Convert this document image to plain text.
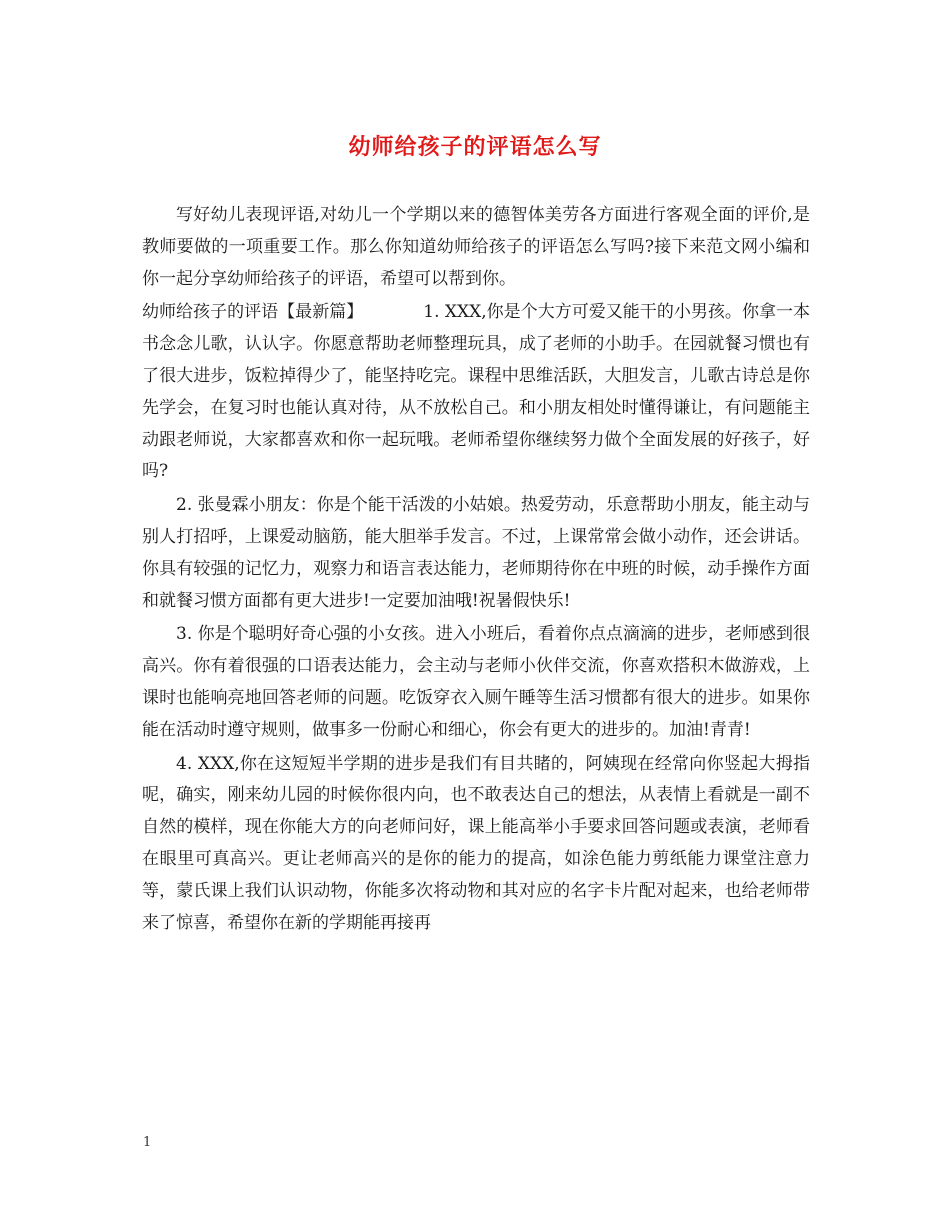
幼师给孩子的评语怎么写

写好幼儿表现评语,对幼儿一个学期以来的德智体美劳各方面进行客观全面的评价,是教师要做的一项重要工作。那么你知道幼师给孩子的评语怎么写吗?接下来范文网小编和你一起分享幼师给孩子的评语，希望可以帮到你。

幼师给孩子的评语【最新篇】	1. XXX,你是个大方可爱又能干的小男孩。你拿一本书念念儿歌，认认字。你愿意帮助老师整理玩具，成了老师的小助手。在园就餐习惯也有了很大进步，饭粒掉得少了，能坚持吃完。课程中思维活跃，大胆发言，儿歌古诗总是你先学会，在复习时也能认真对待，从不放松自己。和小朋友相处时懂得谦让，有问题能主动跟老师说，大家都喜欢和你一起玩哦。老师希望你继续努力做个全面发展的好孩子，好吗?

2. 张曼霖小朋友：你是个能干活泼的小姑娘。热爱劳动，乐意帮助小朋友，能主动与别人打招呼，上课爱动脑筋，能大胆举手发言。不过，上课常常会做小动作，还会讲话。你具有较强的记忆力，观察力和语言表达能力，老师期待你在中班的时候，动手操作方面和就餐习惯方面都有更大进步!一定要加油哦!祝暑假快乐!

3. 你是个聪明好奇心强的小女孩。进入小班后，看着你点点滴滴的进步，老师感到很高兴。你有着很强的口语表达能力，会主动与老师小伙伴交流，你喜欢搭积木做游戏，上课时也能响亮地回答老师的问题。吃饭穿衣入厕午睡等生活习惯都有很大的进步。如果你能在活动时遵守规则，做事多一份耐心和细心，你会有更大的进步的。加油!青青!

4. XXX,你在这短短半学期的进步是我们有目共睹的，阿姨现在经常向你竖起大拇指呢，确实，刚来幼儿园的时候你很内向，也不敢表达自己的想法，从表情上看就是一副不自然的模样，现在你能大方的向老师问好，课上能高举小手要求回答问题或表演，老师看在眼里可真高兴。更让老师高兴的是你的能力的提高，如涂色能力剪纸能力课堂注意力等，蒙氏课上我们认识动物，你能多次将动物和其对应的名字卡片配对起来，也给老师带来了惊喜，希望你在新的学期能再接再

1
